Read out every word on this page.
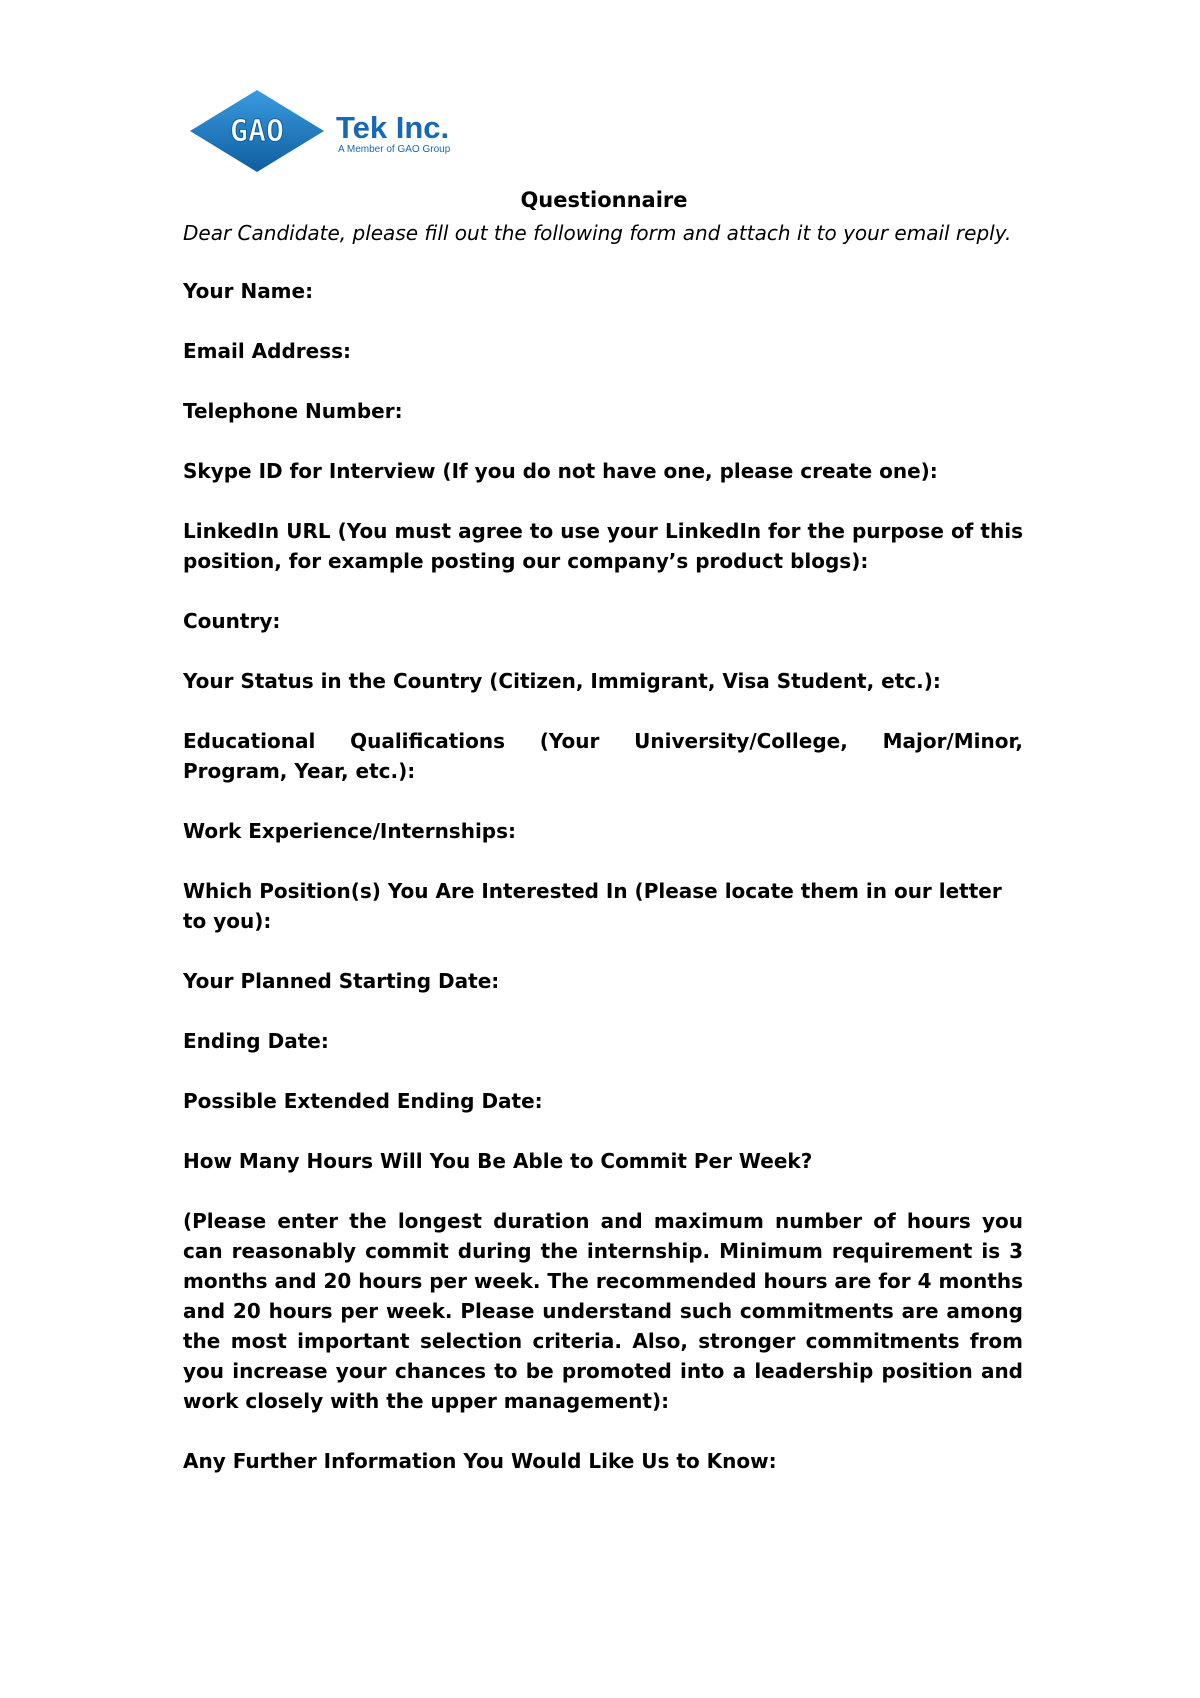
GAO Tek Inc.
A Member of GAO Group
Questionnaire
Dear Candidate, please fill out the following form and attach it to your email reply.

Your Name:

Email Address:

Telephone Number:

Skype ID for Interview (If you do not have one, please create one):

LinkedIn URL (You must agree to use your LinkedIn for the purpose of this position, for example posting our company’s product blogs):

Country:

Your Status in the Country (Citizen, Immigrant, Visa Student, etc.):

Educational Qualifications (Your University/College, Major/Minor, Program, Year, etc.):

Work Experience/Internships:

Which Position(s) You Are Interested In (Please locate them in our letter to you):

Your Planned Starting Date:

Ending Date:

Possible Extended Ending Date:

How Many Hours Will You Be Able to Commit Per Week?

(Please enter the longest duration and maximum number of hours you can reasonably commit during the internship. Minimum requirement is 3 months and 20 hours per week. The recommended hours are for 4 months and 20 hours per week. Please understand such commitments are among the most important selection criteria. Also, stronger commitments from you increase your chances to be promoted into a leadership position and work closely with the upper management):

Any Further Information You Would Like Us to Know:
